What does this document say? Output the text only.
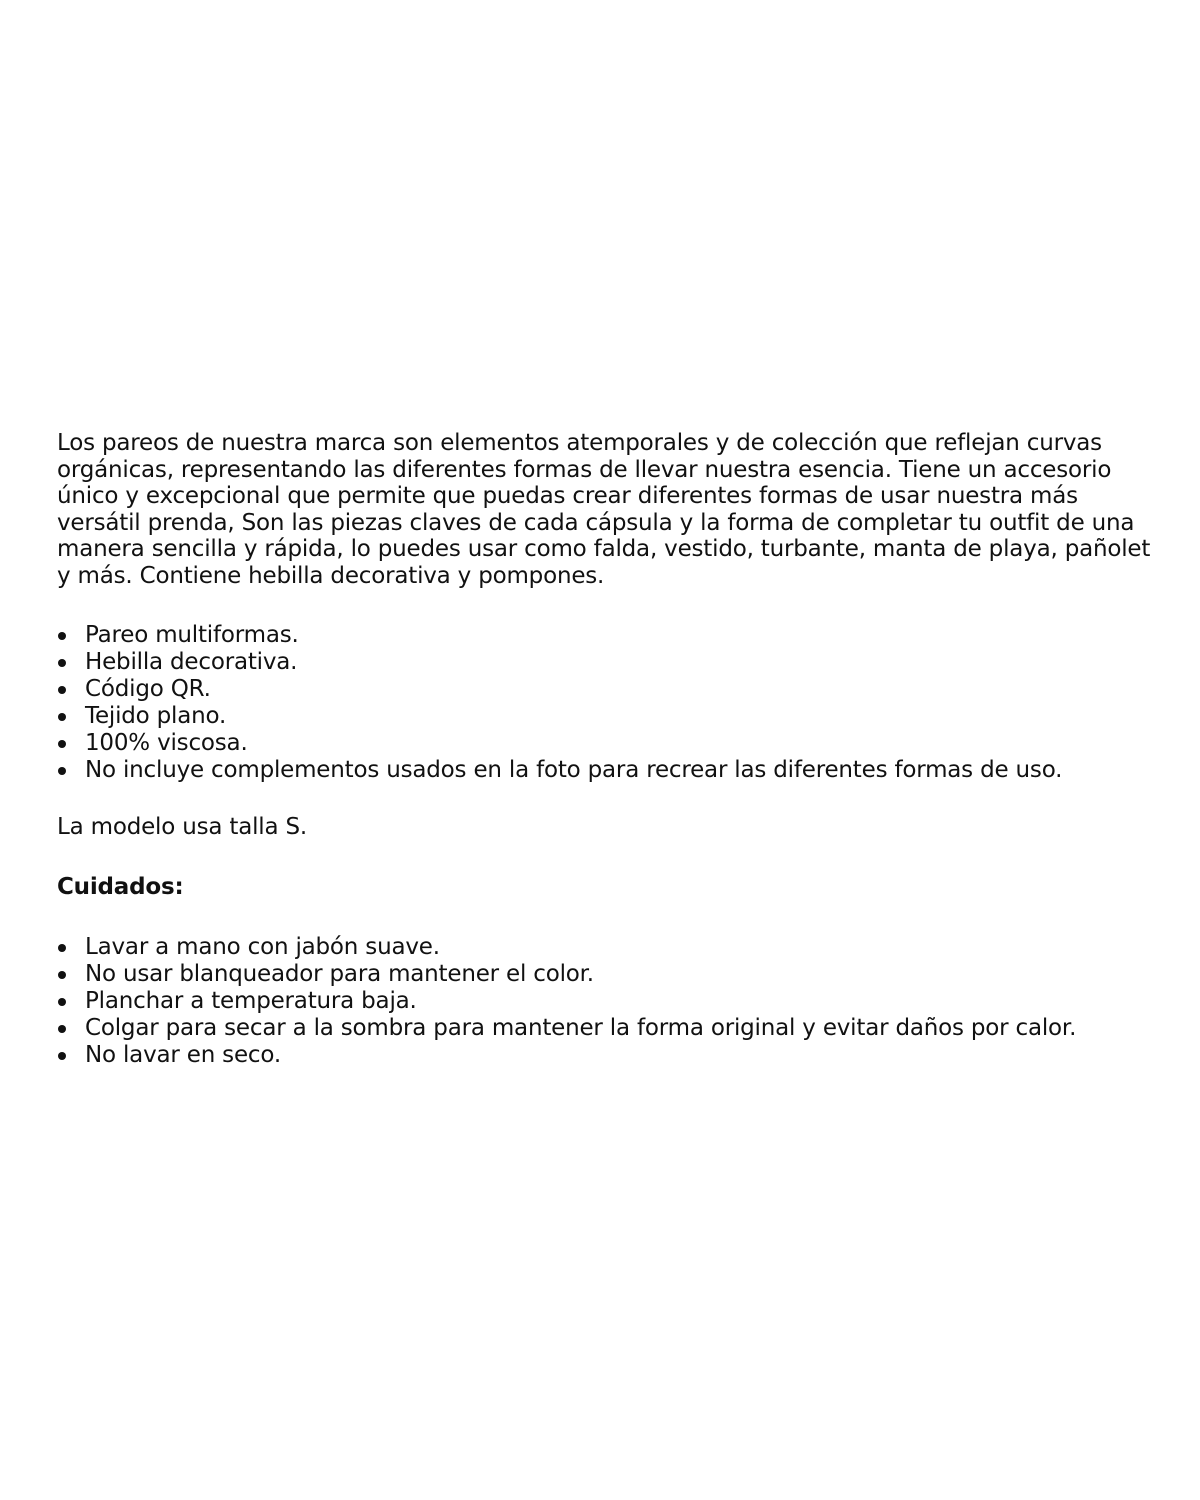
Los pareos de nuestra marca son elementos atemporales y de colección que reflejan curvas
orgánicas, representando las diferentes formas de llevar nuestra esencia. Tiene un accesorio
único y excepcional que permite que puedas crear diferentes formas de usar nuestra más
versátil prenda, Son las piezas claves de cada cápsula y la forma de completar tu outfit de una
manera sencilla y rápida, lo puedes usar como falda, vestido, turbante, manta de playa, pañolet
y más. Contiene hebilla decorativa y pompones.

Pareo multiformas.
Hebilla decorativa.
Código QR.
Tejido plano.
100% viscosa.
No incluye complementos usados en la foto para recrear las diferentes formas de uso.

La modelo usa talla S.

Cuidados:

Lavar a mano con jabón suave.
No usar blanqueador para mantener el color.
Planchar a temperatura baja.
Colgar para secar a la sombra para mantener la forma original y evitar daños por calor.
No lavar en seco.
